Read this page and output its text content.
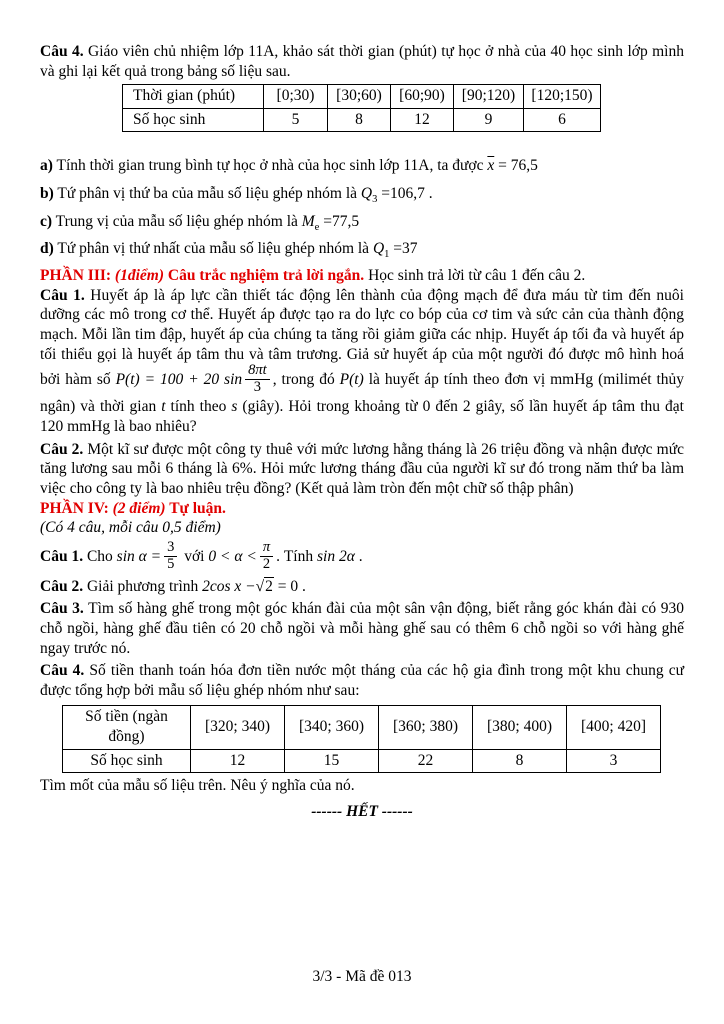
Câu 4. Giáo viên chủ nhiệm lớp 11A, khảo sát thời gian (phút) tự học ở nhà của 40 học sinh lớp mình và ghi lại kết quả trong bảng số liệu sau.

Thời gian (phút)	[0;30)	[30;60)	[60;90)	[90;120)	[120;150)
Số học sinh	5	8	12	9	6

a) Tính thời gian trung bình tự học ở nhà của học sinh lớp 11A, ta được $\overline{x} = 76,5$

b) Tứ phân vị thứ ba của mẫu số liệu ghép nhóm là $Q_3 =106,7$ .

c) Trung vị của mẫu số liệu ghép nhóm là $M_e =77,5$

d) Tứ phân vị thứ nhất của mẫu số liệu ghép nhóm là $Q_1 =37$

PHẦN III: (1điểm) Câu trắc nghiệm trả lời ngắn. Học sinh trả lời từ câu 1 đến câu 2.

Câu 1. Huyết áp là áp lực cần thiết tác động lên thành của động mạch để đưa máu từ tim đến nuôi dưỡng các mô trong cơ thể. Huyết áp được tạo ra do lực co bóp của cơ tim và sức cản của thành động mạch. Mỗi lần tim đập, huyết áp của chúng ta tăng rồi giảm giữa các nhịp. Huyết áp tối đa và huyết áp tối thiểu gọi là huyết áp tâm thu và tâm trương. Giả sử huyết áp của một người đó được mô hình hoá bởi hàm số P(t) = 100 + 20 $\sin \frac{8\pi t}{3}$ , trong đó P(t) là huyết áp tính theo đơn vị mmHg (milimét thủy ngân) và thời gian t tính theo s (giây). Hỏi trong khoảng từ 0 đến 2 giây, số lần huyết áp tâm thu đạt 120 mmHg là bao nhiêu?

Câu 2. Một kĩ sư được một công ty thuê với mức lương hằng tháng là 26 triệu đồng và nhận được mức tăng lương sau mỗi 6 tháng là 6%. Hỏi mức lương tháng đầu của người kĩ sư đó trong năm thứ ba làm việc cho công ty là bao nhiêu trệu đồng? (Kết quả làm tròn đến một chữ số thập phân)

PHẦN IV: (2 điểm) Tự luận.

(Có 4 câu, mỗi câu 0,5 điểm)

Câu 1. Cho $\sin \alpha = \frac{3}{5}$ với $0 < \alpha < \frac{\pi}{2}$ . Tính sin 2α .

Câu 2. Giải phương trình 2cos x −√2 = 0 .

Câu 3. Tìm số hàng ghế trong một góc khán đài của một sân vận động, biết rằng góc khán đài có 930 chỗ ngồi, hàng ghế đầu tiên có 20 chỗ ngồi và mỗi hàng ghế sau có thêm 6 chỗ ngồi so với hàng ghế ngay trước nó.

Câu 4. Số tiền thanh toán hóa đơn tiền nước một tháng của các hộ gia đình trong một khu chung cư được tổng hợp bởi mẫu số liệu ghép nhóm như sau:

Số tiền (ngàn đồng)	[320; 340)	[340; 360)	[360; 380)	[380; 400)	[400; 420]
Số học sinh	12	15	22	8	3

Tìm mốt của mẫu số liệu trên. Nêu ý nghĩa của nó.

------ HẾT ------

3/3 - Mã đề 013
